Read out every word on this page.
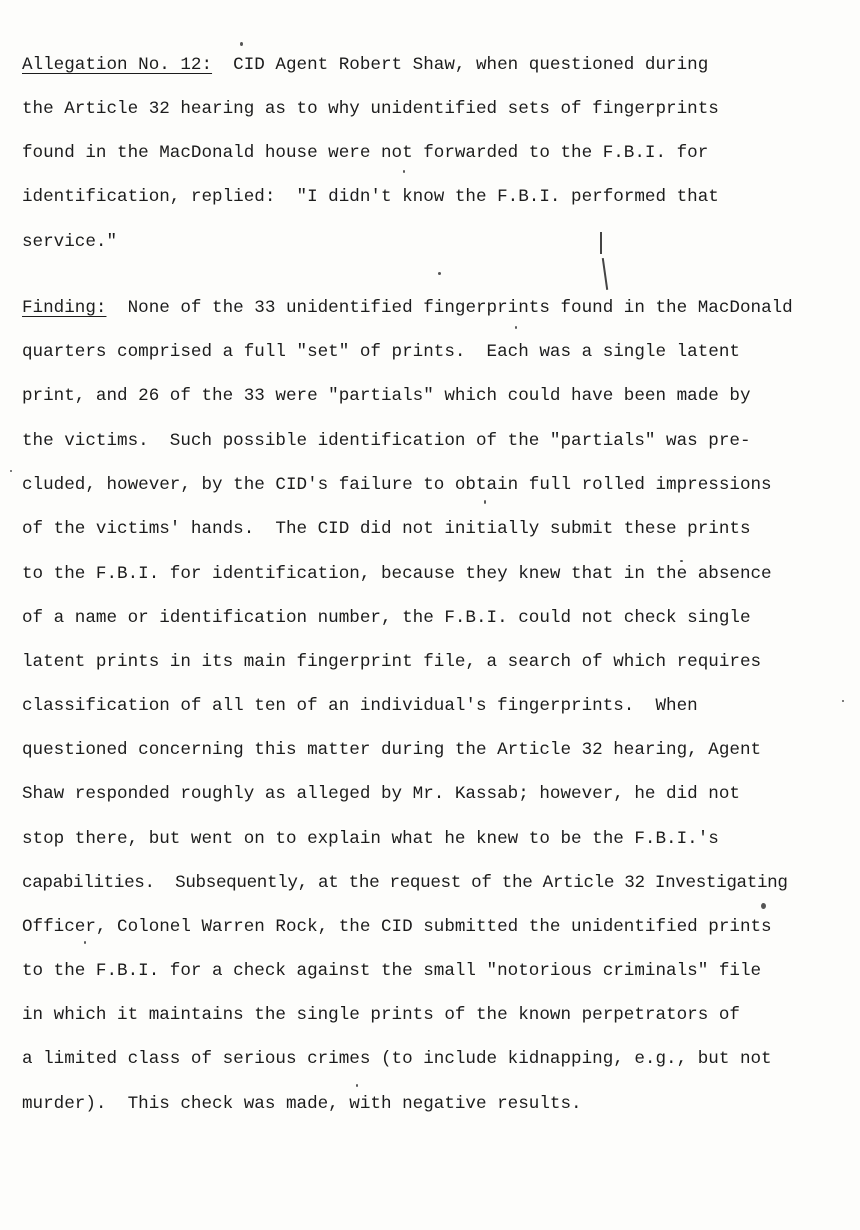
Allegation No. 12:  CID Agent Robert Shaw, when questioned during
the Article 32 hearing as to why unidentified sets of fingerprints
found in the MacDonald house were not forwarded to the F.B.I. for
identification, replied:  "I didn't know the F.B.I. performed that
service."
Finding:  None of the 33 unidentified fingerprints found in the MacDonald
quarters comprised a full "set" of prints.  Each was a single latent
print, and 26 of the 33 were "partials" which could have been made by
the victims.  Such possible identification of the "partials" was pre-
cluded, however, by the CID's failure to obtain full rolled impressions
of the victims' hands.  The CID did not initially submit these prints
to the F.B.I. for identification, because they knew that in the absence
of a name or identification number, the F.B.I. could not check single
latent prints in its main fingerprint file, a search of which requires
classification of all ten of an individual's fingerprints.  When
questioned concerning this matter during the Article 32 hearing, Agent
Shaw responded roughly as alleged by Mr. Kassab; however, he did not
stop there, but went on to explain what he knew to be the F.B.I.'s
capabilities.  Subsequently, at the request of the Article 32 Investigating
Officer, Colonel Warren Rock, the CID submitted the unidentified prints
to the F.B.I. for a check against the small "notorious criminals" file
in which it maintains the single prints of the known perpetrators of
a limited class of serious crimes (to include kidnapping, e.g., but not
murder).  This check was made, with negative results.
